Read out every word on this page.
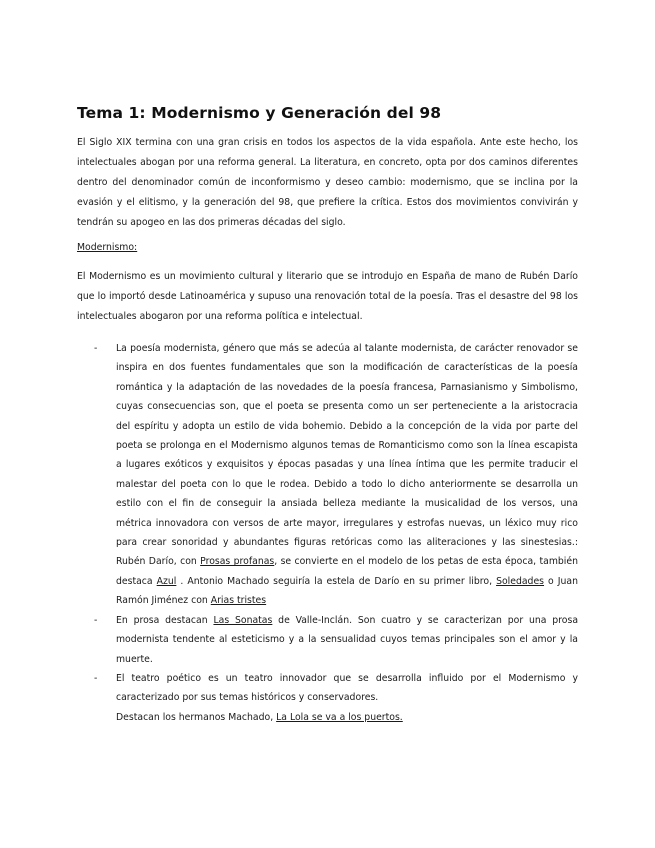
Tema 1: Modernismo y Generación del 98

El Siglo XIX termina con una gran crisis en todos los aspectos de la vida española. Ante este hecho, los intelectuales abogan por una reforma general. La literatura, en concreto, opta por dos caminos diferentes dentro del denominador común de inconformismo y deseo cambio: modernismo, que se inclina por la evasión y el elitismo, y la generación del 98, que prefiere la crítica. Estos dos movimientos convivirán y tendrán su apogeo en las dos primeras décadas del siglo.

Modernismo:

El Modernismo es un movimiento cultural y literario que se introdujo en España de mano de Rubén Darío que lo importó desde Latinoamérica y supuso una renovación total de la poesía. Tras el desastre del 98 los intelectuales abogaron por una reforma política e intelectual.

- La poesía modernista, género que más se adecúa al talante modernista, de carácter renovador se inspira en dos fuentes fundamentales que son la modificación de características de la poesía romántica y la adaptación de las novedades de la poesía francesa, Parnasianismo y Simbolismo, cuyas consecuencias son, que el poeta se presenta como un ser perteneciente a la aristocracia del espíritu y adopta un estilo de vida bohemio. Debido a la concepción de la vida por parte del poeta se prolonga en el Modernismo algunos temas de Romanticismo como son la línea escapista a lugares exóticos y exquisitos y épocas pasadas y una línea íntima que les permite traducir el malestar del poeta con lo que le rodea. Debido a todo lo dicho anteriormente se desarrolla un estilo con el fin de conseguir la ansiada belleza mediante la musicalidad de los versos, una métrica innovadora con versos de arte mayor, irregulares y estrofas nuevas, un léxico muy rico para crear sonoridad y abundantes figuras retóricas como las aliteraciones y las sinestesias.: Rubén Darío, con Prosas profanas, se convierte en el modelo de los petas de esta época, también destaca Azul . Antonio Machado seguiría la estela de Darío en su primer libro, Soledades o Juan Ramón Jiménez con Arias tristes
- En prosa destacan Las Sonatas de Valle-Inclán. Son cuatro y se caracterizan por una prosa modernista tendente al esteticismo y a la sensualidad cuyos temas principales son el amor y la muerte.
- El teatro poético es un teatro innovador que se desarrolla influido por el Modernismo y caracterizado por sus temas históricos y conservadores.
Destacan los hermanos Machado, La Lola se va a los puertos.
